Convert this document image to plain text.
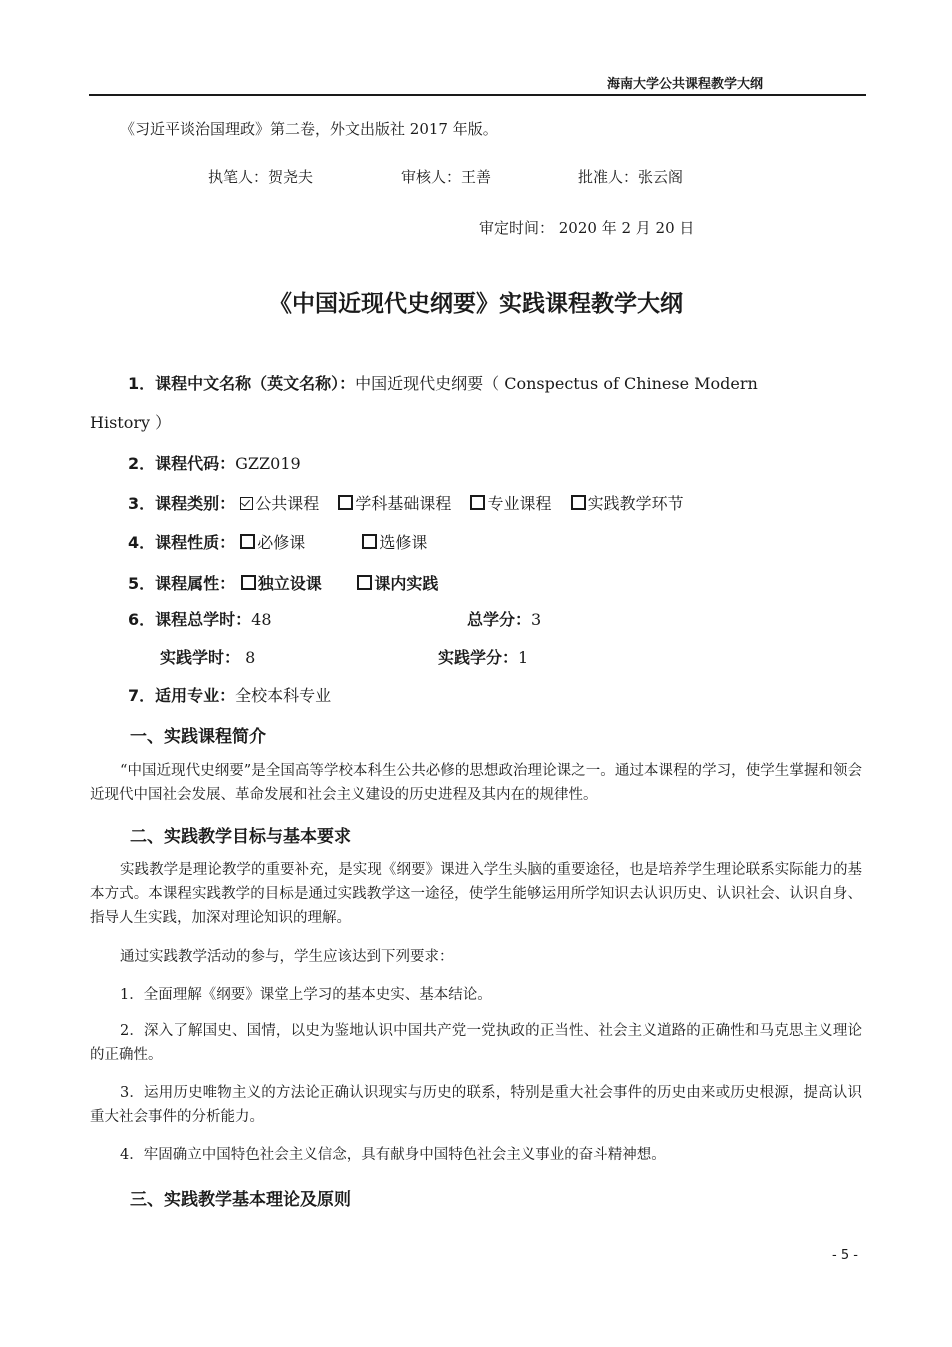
海南大学公共课程教学大纲
《习近平谈治国理政》第二卷，外文出版社 2017 年版。
执笔人：贺尧夫	审核人：王善	批准人：张云阁
审定时间： 2020 年 2 月 20 日
《中国近现代史纲要》实践课程教学大纲
1．课程中文名称（英文名称）：中国近现代史纲要（ Conspectus of Chinese Modern
History ）
2．课程代码：GZZ019
3．课程类别： 公共课程 学科基础课程 专业课程 实践教学环节
4．课程性质： 必修课	选修课
5．课程属性： 独立设课	课内实践
6．课程总学时：48	总学分：3
实践学时： 8	实践学分：1
7．适用专业：全校本科专业
一、实践课程简介
“中国近现代史纲要”是全国高等学校本科生公共必修的思想政治理论课之一。通过本课程的学习，使学生掌握和领会近现代中国社会发展、革命发展和社会主义建设的历史进程及其内在的规律性。
二、实践教学目标与基本要求
实践教学是理论教学的重要补充，是实现《纲要》课进入学生头脑的重要途径，也是培养学生理论联系实际能力的基本方式。本课程实践教学的目标是通过实践教学这一途径，使学生能够运用所学知识去认识历史、认识社会、认识自身、指导人生实践，加深对理论知识的理解。
通过实践教学活动的参与，学生应该达到下列要求：
1．全面理解《纲要》课堂上学习的基本史实、基本结论。
2．深入了解国史、国情，以史为鉴地认识中国共产党一党执政的正当性、社会主义道路的正确性和马克思主义理论的正确性。
3．运用历史唯物主义的方法论正确认识现实与历史的联系，特别是重大社会事件的历史由来或历史根源，提高认识重大社会事件的分析能力。
4．牢固确立中国特色社会主义信念，具有献身中国特色社会主义事业的奋斗精神想。
三、实践教学基本理论及原则
- 5 -
